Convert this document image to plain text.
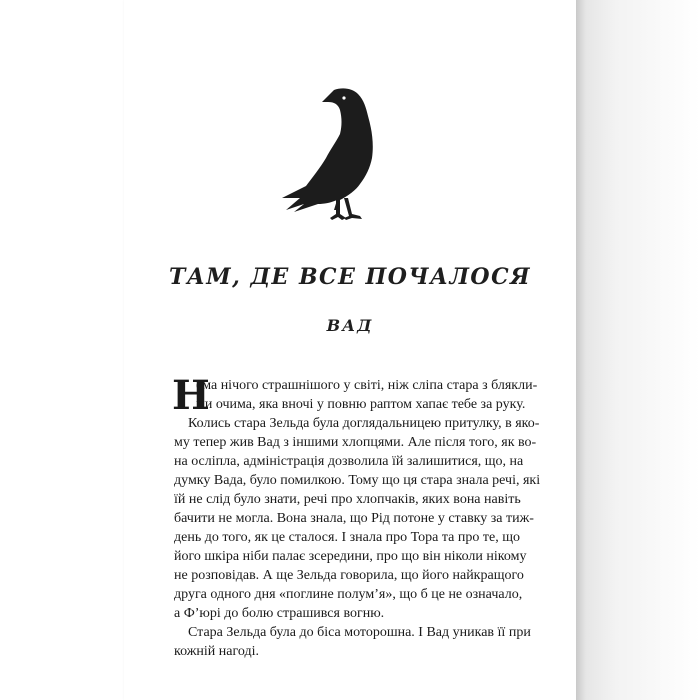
ТАМ, ДЕ ВСЕ ПОЧАЛОСЯ
ВАД
Н
ема нічого страшнішого у світі, ніж сліпа стара з блякли-
ми очима, яка вночі у повню раптом хапає тебе за руку.
Колись стара Зельда була доглядальницею притулку, в яко-
му тепер жив Вад з іншими хлопцями. Але після того, як во-
на осліпла, адміністрація дозволила їй залишитися, що, на
думку Вада, було помилкою. Тому що ця стара знала речі, які
їй не слід було знати, речі про хлопчаків, яких вона навіть
бачити не могла. Вона знала, що Рід потоне у ставку за тиж-
день до того, як це сталося. І знала про Тора та про те, що
його шкіра ніби палає зсередини, про що він ніколи нікому
не розповідав. А ще Зельда говорила, що його найкращого
друга одного дня «поглине полум’я», що б це не означало,
а Ф’юрі до болю страшився вогню.
Стара Зельда була до біса моторошна. І Вад уникав її при
кожній нагоді.
